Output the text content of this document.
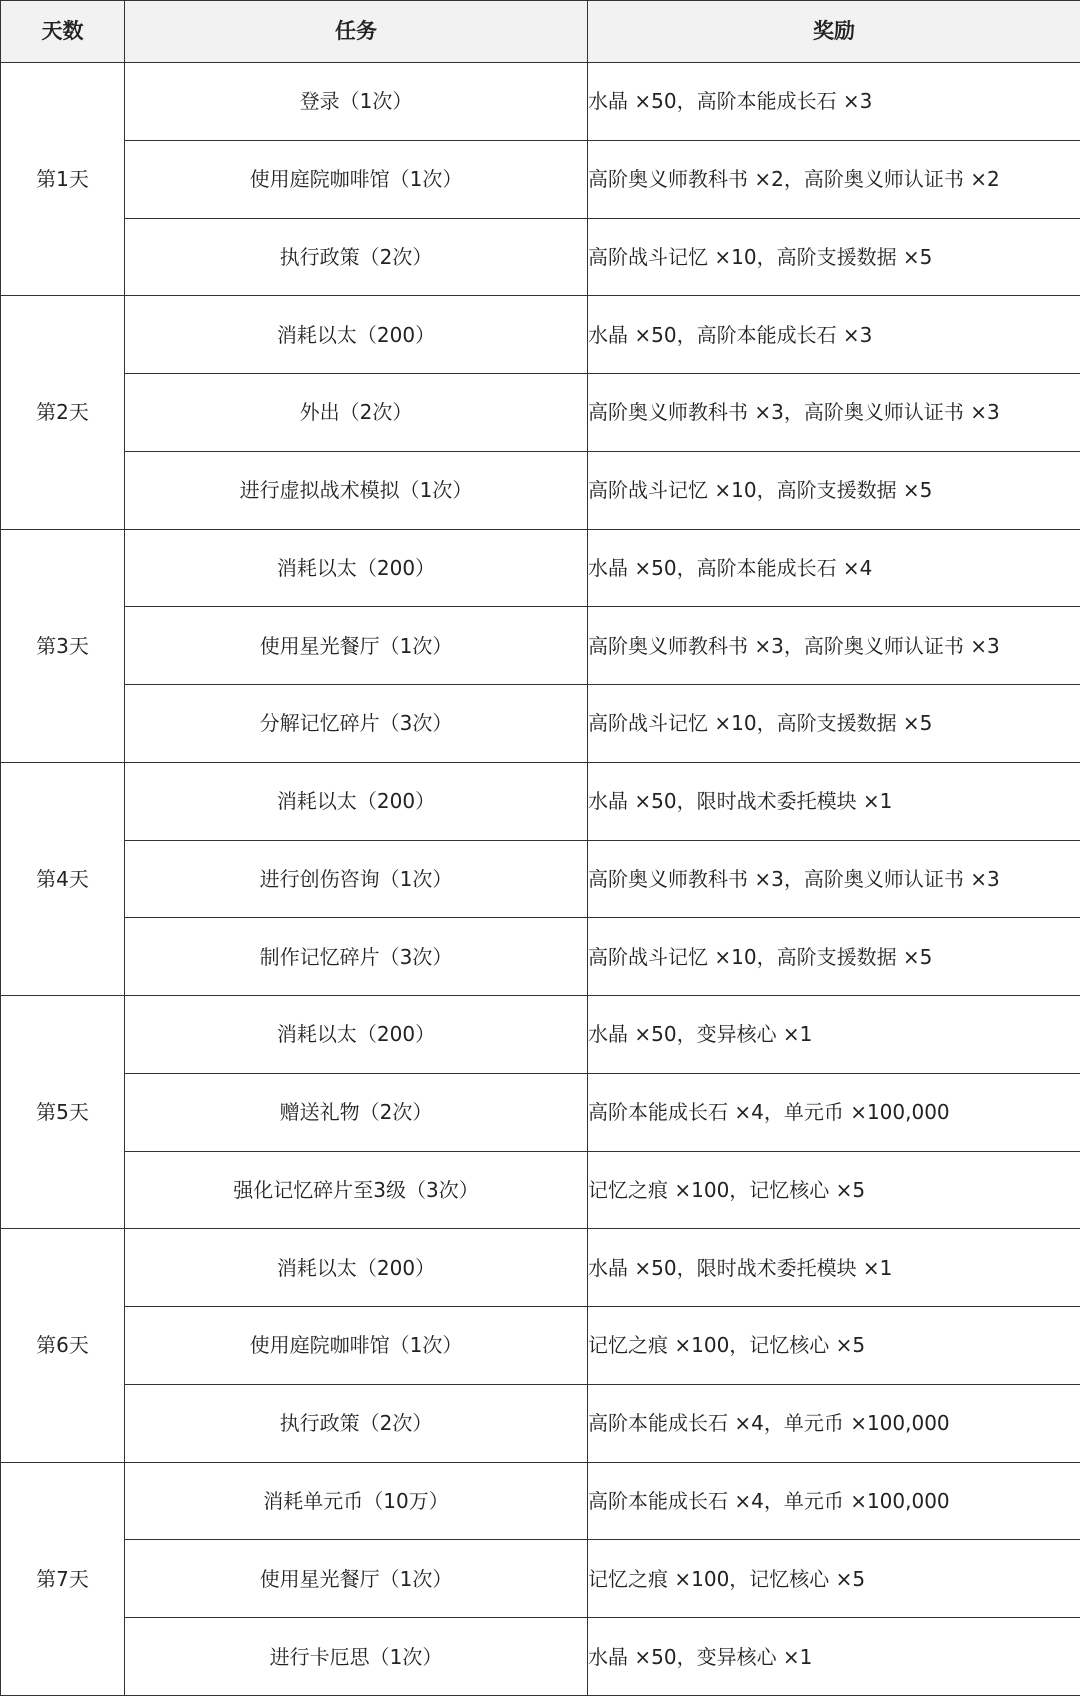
天数	任务	奖励
第1天	登录（1次）	水晶 ×50，高阶本能成长石 ×3
	使用庭院咖啡馆（1次）	高阶奥义师教科书 ×2，高阶奥义师认证书 ×2
	执行政策（2次）	高阶战斗记忆 ×10，高阶支援数据 ×5
第2天	消耗以太（200）	水晶 ×50，高阶本能成长石 ×3
	外出（2次）	高阶奥义师教科书 ×3，高阶奥义师认证书 ×3
	进行虚拟战术模拟（1次）	高阶战斗记忆 ×10，高阶支援数据 ×5
第3天	消耗以太（200）	水晶 ×50，高阶本能成长石 ×4
	使用星光餐厅（1次）	高阶奥义师教科书 ×3，高阶奥义师认证书 ×3
	分解记忆碎片（3次）	高阶战斗记忆 ×10，高阶支援数据 ×5
第4天	消耗以太（200）	水晶 ×50，限时战术委托模块 ×1
	进行创伤咨询（1次）	高阶奥义师教科书 ×3，高阶奥义师认证书 ×3
	制作记忆碎片（3次）	高阶战斗记忆 ×10，高阶支援数据 ×5
第5天	消耗以太（200）	水晶 ×50，变异核心 ×1
	赠送礼物（2次）	高阶本能成长石 ×4，单元币 ×100,000
	强化记忆碎片至3级（3次）	记忆之痕 ×100，记忆核心 ×5
第6天	消耗以太（200）	水晶 ×50，限时战术委托模块 ×1
	使用庭院咖啡馆（1次）	记忆之痕 ×100，记忆核心 ×5
	执行政策（2次）	高阶本能成长石 ×4，单元币 ×100,000
第7天	消耗单元币（10万）	高阶本能成长石 ×4，单元币 ×100,000
	使用星光餐厅（1次）	记忆之痕 ×100，记忆核心 ×5
	进行卡厄思（1次）	水晶 ×50，变异核心 ×1
